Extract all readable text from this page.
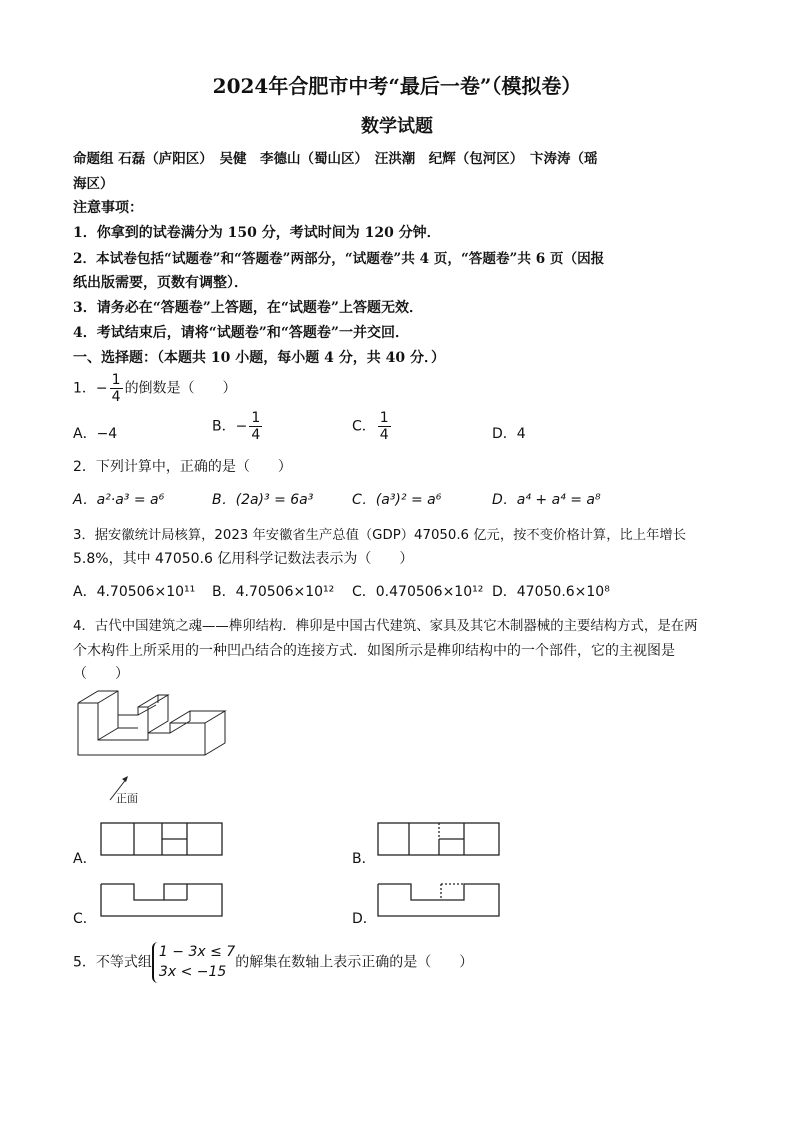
2024年合肥市中考“最后一卷”（模拟卷）
数学试题
命题组 石磊（庐阳区）　吴健　李德山（蜀山区）　汪洪潮　纪辉（包河区）　卞涛涛（瑶
海区）
注意事项：
1．你拿到的试卷满分为 150 分，考试时间为 120 分钟．
2．本试卷包括“试题卷”和“答题卷”两部分，“试题卷”共 4 页，“答题卷”共 6 页（因报
纸出版需要，页数有调整）．
3．请务必在“答题卷”上答题，在“试题卷”上答题无效．
4．考试结束后，请将“试题卷”和“答题卷”一并交回．
一、选择题：（本题共 10 小题，每小题 4 分，共 40 分．）
1．− $\frac{1}{4}$ 的倒数是（　　）
A．−4	B．− $\frac{1}{4}$	C． $\frac{1}{4}$	D．4
2．下列计算中，正确的是（　　）
A．a²·a³ = a⁶	B．(2a)³ = 6a³	C．(a³)² = a⁶	D．a⁴ + a⁴ = a⁸
3．据安徽统计局核算，2023 年安徽省生产总值（GDP）47050.6 亿元，按不变价格计算，比上年增长
5.8%，其中 47050.6 亿用科学记数法表示为（　　）
A．4.70506×10¹¹ B．4.70506×10¹² C．0.470506×10¹² D．47050.6×10⁸
4．古代中国建筑之魂——榫卯结构．榫卯是中国古代建筑、家具及其它木制器械的主要结构方式，是在两
个木构件上所采用的一种凹凸结合的连接方式．如图所示是榫卯结构中的一个部件，它的主视图是
（　　）
正面
A．	B．
C．	D．
5．不等式组
1 − 3x ≤ 7
3x < −15
的解集在数轴上表示正确的是（　　）
